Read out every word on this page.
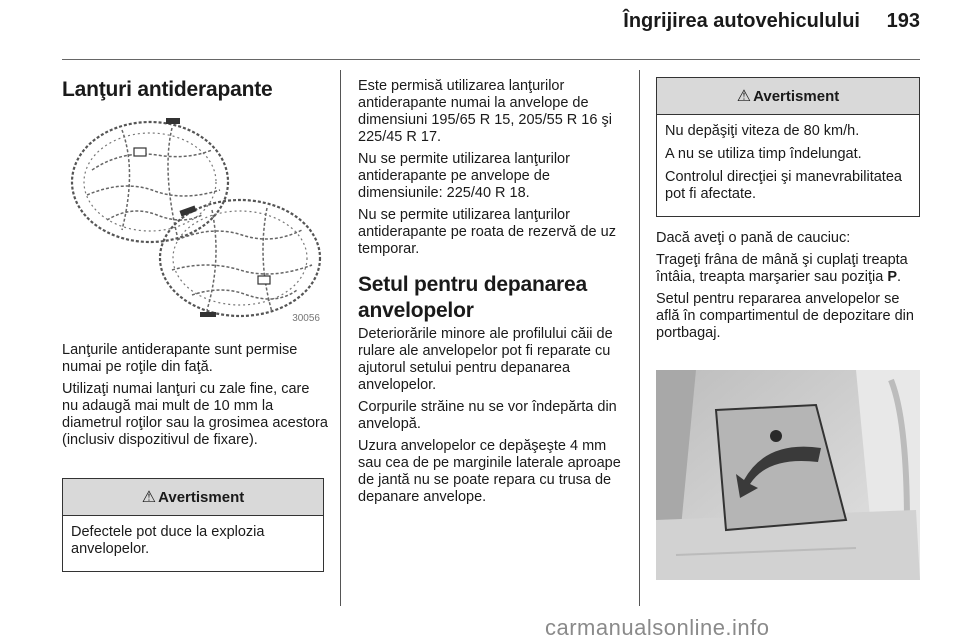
Îngrijirea autovehiculului	193
Lanţuri antiderapante
30056

Lanţurile antiderapante sunt permise numai pe roţile din faţă.

Utilizaţi numai lanţuri cu zale fine, care nu adaugă mai mult de 10 mm la diametrul roţilor sau la grosimea acestora (inclusiv dispozitivul de fixare).

⚠ Avertisment

Defectele pot duce la explozia anvelopelor.

Este permisă utilizarea lanţurilor antiderapante numai la anvelope de dimensiuni 195/65 R 15, 205/55 R 16 şi 225/45 R 17.

Nu se permite utilizarea lanţurilor antiderapante pe anvelope de dimensiunile: 225/40 R 18.

Nu se permite utilizarea lanţurilor antiderapante pe roata de rezervă de uz temporar.

Setul pentru depanarea anvelopelor

Deteriorările minore ale profilului căii de rulare ale anvelopelor pot fi reparate cu ajutorul setului pentru depanarea anvelopelor.

Corpurile străine nu se vor îndepărta din anvelopă.

Uzura anvelopelor ce depăşeşte 4 mm sau cea de pe marginile laterale aproape de jantă nu se poate repara cu trusa de depanare anvelope.

⚠ Avertisment

Nu depăşiţi viteza de 80 km/h.

A nu se utiliza timp îndelungat.

Controlul direcţiei şi manevrabilitatea pot fi afectate.

Dacă aveţi o pană de cauciuc:

Trageţi frâna de mână şi cuplaţi treapta întâia, treapta marşarier sau poziţia P.

Setul pentru repararea anvelopelor se află în compartimentul de depozitare din portbagaj.

carmanualsonline.info
